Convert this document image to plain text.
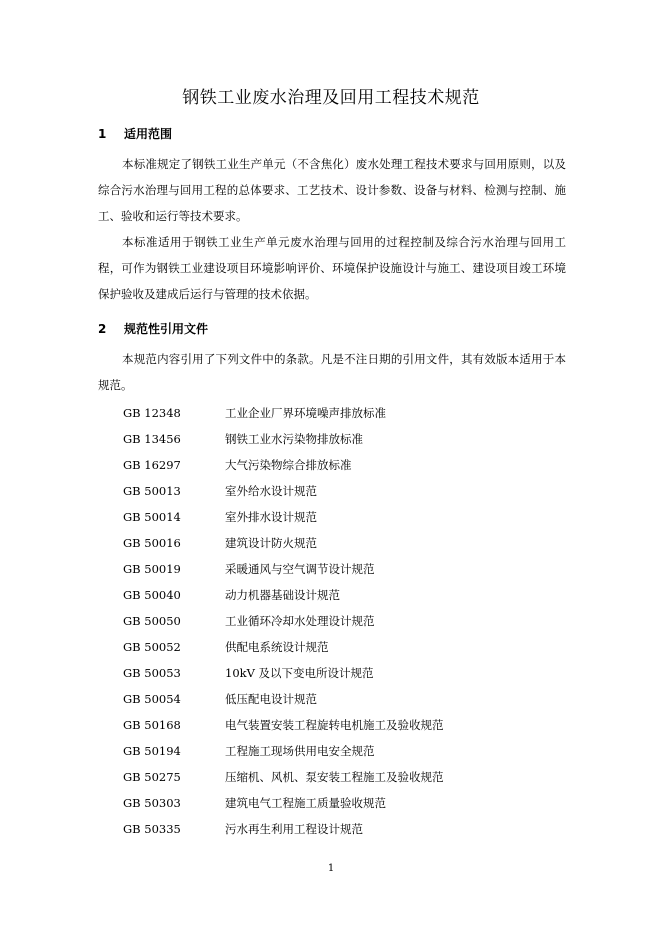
钢铁工业废水治理及回用工程技术规范
1 适用范围

本标准规定了钢铁工业生产单元（不含焦化）废水处理工程技术要求与回用原则，以及综合污水治理与回用工程的总体要求、工艺技术、设计参数、设备与材料、检测与控制、施工、验收和运行等技术要求。

本标准适用于钢铁工业生产单元废水治理与回用的过程控制及综合污水治理与回用工程，可作为钢铁工业建设项目环境影响评价、环境保护设施设计与施工、建设项目竣工环境保护验收及建成后运行与管理的技术依据。

2 规范性引用文件

本规范内容引用了下列文件中的条款。凡是不注日期的引用文件，其有效版本适用于本规范。

GB 12348	工业企业厂界环境噪声排放标准
GB 13456	钢铁工业水污染物排放标准
GB 16297	大气污染物综合排放标准
GB 50013	室外给水设计规范
GB 50014	室外排水设计规范
GB 50016	建筑设计防火规范
GB 50019	采暖通风与空气调节设计规范
GB 50040	动力机器基础设计规范
GB 50050	工业循环冷却水处理设计规范
GB 50052	供配电系统设计规范
GB 50053	10kV 及以下变电所设计规范
GB 50054	低压配电设计规范
GB 50168	电气装置安装工程旋转电机施工及验收规范
GB 50194	工程施工现场供用电安全规范
GB 50275	压缩机、风机、泵安装工程施工及验收规范
GB 50303	建筑电气工程施工质量验收规范
GB 50335	污水再生利用工程设计规范
1
